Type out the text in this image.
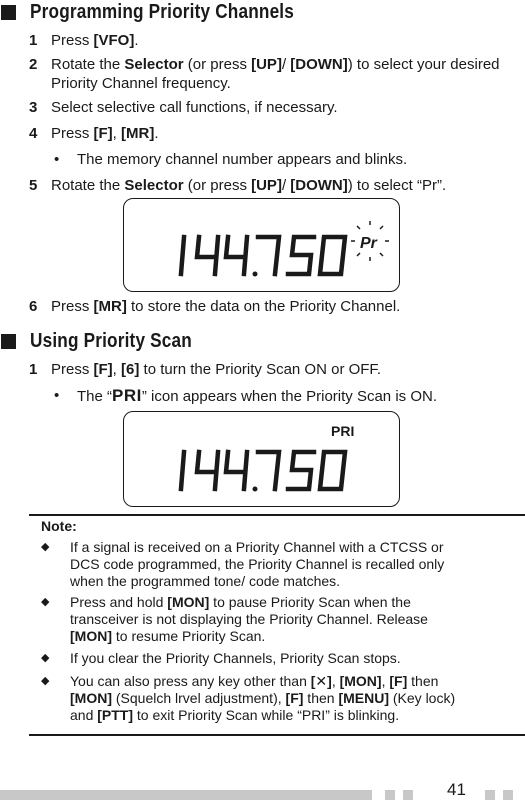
Programming Priority Channels
1 Press [VFO].
2 Rotate the Selector (or press [UP]/ [DOWN]) to select your desired Priority Channel frequency.
3 Select selective call functions, if necessary.
4 Press [F], [MR].
• The memory channel number appears and blinks.
5 Rotate the Selector (or press [UP]/ [DOWN]) to select “Pr”.
Pr
6 Press [MR] to store the data on the Priority Channel.
Using Priority Scan
1 Press [F], [6] to turn the Priority Scan ON or OFF.
• The “PRI” icon appears when the Priority Scan is ON.
PRI
Note:
◆ If a signal is received on a Priority Channel with a CTCSS or
DCS code programmed, the Priority Channel is recalled only
when the programmed tone/ code matches.
◆ Press and hold [MON] to pause Priority Scan when the
transceiver is not displaying the Priority Channel. Release
[MON] to resume Priority Scan.
◆ If you clear the Priority Channels, Priority Scan stops.
◆ You can also press any key other than [✕], [MON], [F] then
[MON] (Squelch lrvel adjustment), [F] then [MENU] (Key lock)
and [PTT] to exit Priority Scan while “PRI” is blinking.
41
